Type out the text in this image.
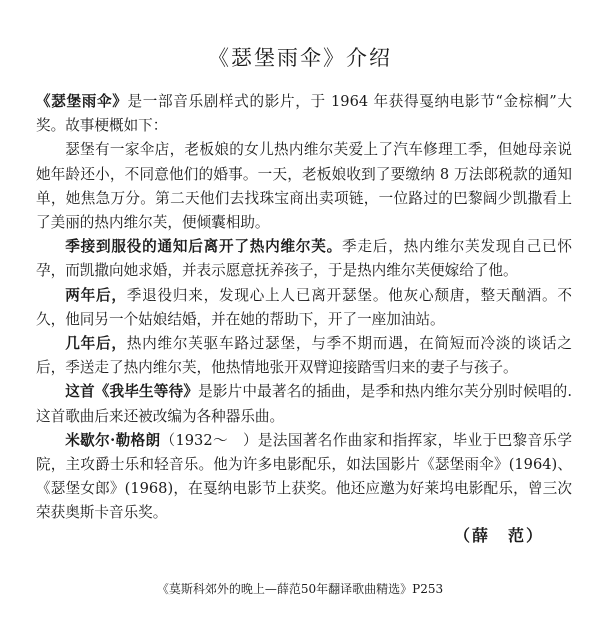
《瑟堡雨伞》介绍

《瑟堡雨伞》是一部音乐剧样式的影片，于 1964 年获得戛纳电影节“金棕榈”大奖。故事梗概如下：

瑟堡有一家伞店，老板娘的女儿热内维尔芙爱上了汽车修理工季，但她母亲说她年龄还小，不同意他们的婚事。一天，老板娘收到了要缴纳 8 万法郎税款的通知单，她焦急万分。第二天他们去找珠宝商出卖项链，一位路过的巴黎阔少凯撒看上了美丽的热内维尔芙，便倾囊相助。

季接到服役的通知后离开了热内维尔芙。季走后，热内维尔芙发现自己已怀孕，而凯撒向她求婚，并表示愿意抚养孩子，于是热内维尔芙便嫁给了他。

两年后，季退役归来，发现心上人已离开瑟堡。他灰心颓唐，整天酗酒。不久，他同另一个姑娘结婚，并在她的帮助下，开了一座加油站。

几年后，热内维尔芙驱车路过瑟堡，与季不期而遇，在简短而冷淡的谈话之后，季送走了热内维尔芙，他热情地张开双臂迎接踏雪归来的妻子与孩子。

这首《我毕生等待》是影片中最著名的插曲，是季和热内维尔芙分别时候唱的. 这首歌曲后来还被改编为各种器乐曲。

米歇尔·勒格朗（1932～　）是法国著名作曲家和指挥家，毕业于巴黎音乐学院，主攻爵士乐和轻音乐。他为许多电影配乐，如法国影片《瑟堡雨伞》(1964)、《瑟堡女郎》(1968)，在戛纳电影节上获奖。他还应邀为好莱坞电影配乐，曾三次荣获奥斯卡音乐奖。

（薛　范）

《莫斯科郊外的晚上—薛范50年翻译歌曲精选》P253
